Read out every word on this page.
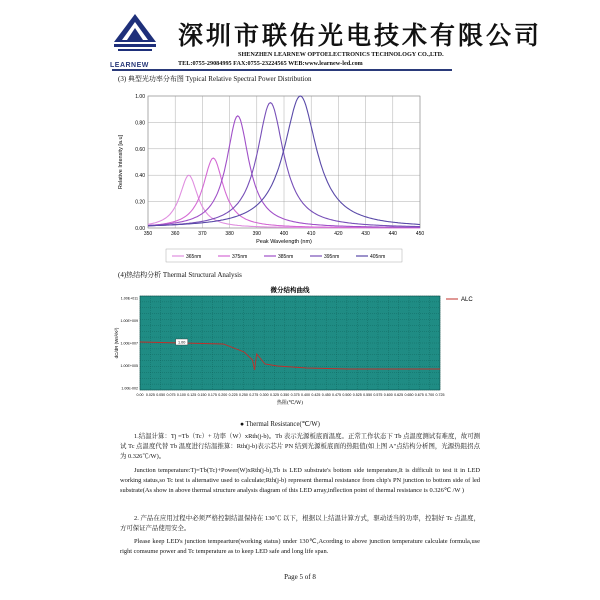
LEARNEW
深圳市联佑光电技术有限公司
SHENZHEN LEARNEW OPTOELECTRONICS TECHNOLOGY CO.,LTD.
TEL:0755-29084995 FAX:0755-23224565 WEB:www.learnew-led.com
(3) 典型光功率分布图 Typical Relative Spectral Power Distribution
0.00
0.20
0.40
0.60
0.80
1.00
350	360	370	380	390	400	410	420	430	440	450
Peak Wavelength (nm)
Relative Intensity [a.u]
365nm	375nm	385nm	395nm	405nm
(4)热结构分析 Thermal Structural Analysis
微分结构曲线
0.00 0.025 0.050 0.075 0.100 0.125 0.150 0.175 0.200 0.225 0.250 0.275 0.300 0.325 0.350 0.375 0.400 0.425 0.450 0.475 0.500 0.525 0.550 0.575 0.600 0.625 0.650 0.675 0.700 0.725
1.00E+011
1.00E+009
1.00E+007
1.00E+005
1.00E-002
热阻(℃/W)
dC/dR (Ws²/K²)	1.00
ALC
● Thermal Resistance(℃/W)
1.结温计算：Tj =Tb（Tc）+ 功率（W）xRth(j-b)。Tb 表示光源板底面温度。正常工作状态下 Tb 点温度测试有难度，故可测试 Tc 点温度代替 Tb 温度进行结温推算：Rth(j-b)表示芯片 PN 结到光源板底面的热阻值(如上图 A"点结构分析图，光源热阻拐点为 0.326℃/W)。
Junction temperature:Tj=Tb(Tc)+Power(W)xRth(j-b),Tb is LED substrate's bottom side temperature,It is difficult to test it in LED working status,so Tc test is alternative used to calculate;Rth(j-b) represent thermal resistance from chip's PN junction to bottom side of led substrate(As show in above thermal structure analysis diagram of this LED array,inflection point of thermal resistance is 0.326℃ /W )
2. 产品在应用过程中必须严格控制结温保持在 130℃ 以下，根据以上结温计算方式，驱动适当的功率，控制好 Tc 点温度，方可保证产品使用安全。
Please keep LED's junction tempearture(working status) under 130℃,Acording to above junction temperature calculate formula,use right comsume power and Tc temperature as to keep LED safe and long life span.
Page 5 of 8
